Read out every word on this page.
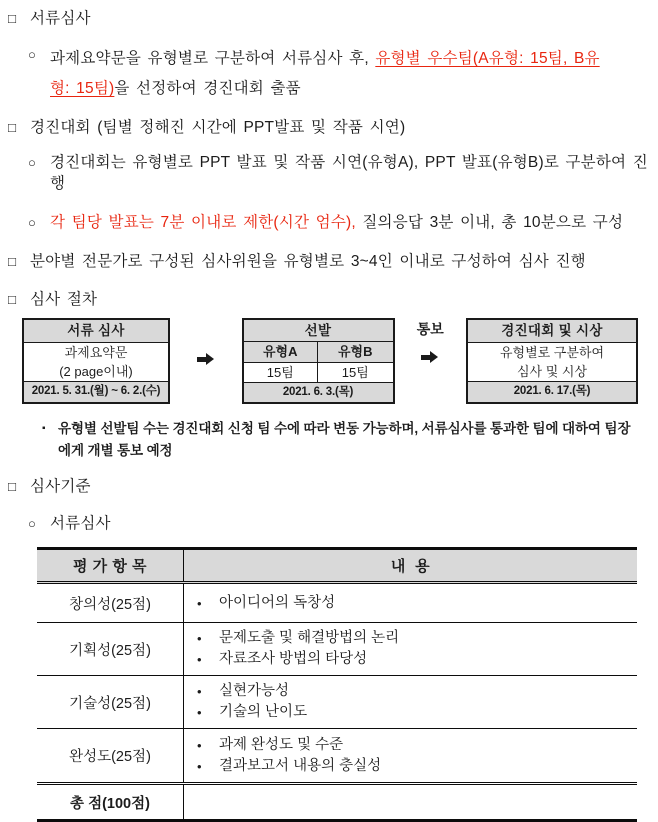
□ 서류심사
○ 과제요약문을 유형별로 구분하여 서류심사 후, 유형별 우수팀(A유형: 15팀, B유형: 15팀)을 선정하여 경진대회 출품
□ 경진대회 (팀별 정해진 시간에 PPT발표 및 작품 시연)
○ 경진대회는 유형별로 PPT 발표 및 작품 시연(유형A), PPT 발표(유형B)로 구분하여 진행
○ 각 팀당 발표는 7분 이내로 제한(시간 엄수), 질의응답 3분 이내, 총 10분으로 구성
□ 분야별 전문가로 구성된 심사위원을 유형별로 3~4인 이내로 구성하여 심사 진행
□ 심사 절차
서류 심사
과제요약문
(2 page이내)
2021. 5. 31.(월) ~ 6. 2.(수)
선발
유형A	유형B
15팀	15팀
2021. 6. 3.(목)
통보	경진대회 및 시상
유형별로 구분하여
심사 및 시상
2021. 6. 17.(목)
▪ 유형별 선발팀 수는 경진대회 신청 팀 수에 따라 변동 가능하며, 서류심사를 통과한 팀에 대하여 팀장에게 개별 통보 예정
□ 심사기준
○ 서류심사
평 가 항 목	내  용
창의성(25점)	• 아이디어의 독창성

기획성(25점)	• 문제도출 및 해결방법의 논리
• 자료조사 방법의 타당성

기술성(25점)	• 실현가능성
• 기술의 난이도

완성도(25점)	• 과제 완성도 및 수준
• 결과보고서 내용의 충실성

총 점(100점)	
